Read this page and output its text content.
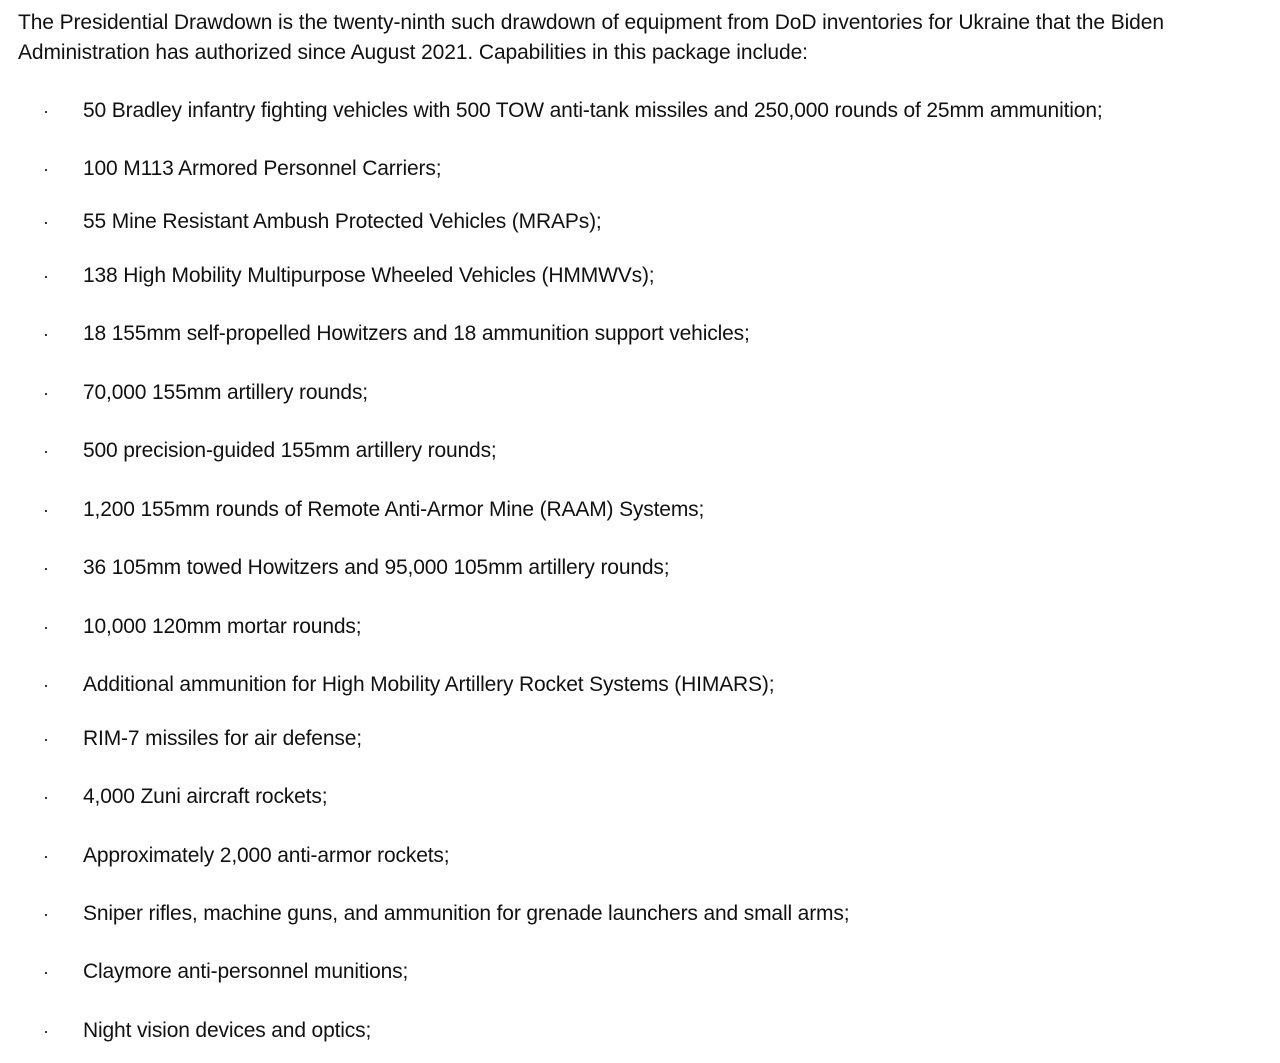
The Presidential Drawdown is the twenty-ninth such drawdown of equipment from DoD inventories for Ukraine that the Biden Administration has authorized since August 2021. Capabilities in this package include:

· 50 Bradley infantry fighting vehicles with 500 TOW anti-tank missiles and 250,000 rounds of 25mm ammunition;
· 100 M113 Armored Personnel Carriers;
· 55 Mine Resistant Ambush Protected Vehicles (MRAPs);
· 138 High Mobility Multipurpose Wheeled Vehicles (HMMWVs);
· 18 155mm self-propelled Howitzers and 18 ammunition support vehicles;
· 70,000 155mm artillery rounds;
· 500 precision-guided 155mm artillery rounds;
· 1,200 155mm rounds of Remote Anti-Armor Mine (RAAM) Systems;
· 36 105mm towed Howitzers and 95,000 105mm artillery rounds;
· 10,000 120mm mortar rounds;
· Additional ammunition for High Mobility Artillery Rocket Systems (HIMARS);
· RIM-7 missiles for air defense;
· 4,000 Zuni aircraft rockets;
· Approximately 2,000 anti-armor rockets;
· Sniper rifles, machine guns, and ammunition for grenade launchers and small arms;
· Claymore anti-personnel munitions;
· Night vision devices and optics;
